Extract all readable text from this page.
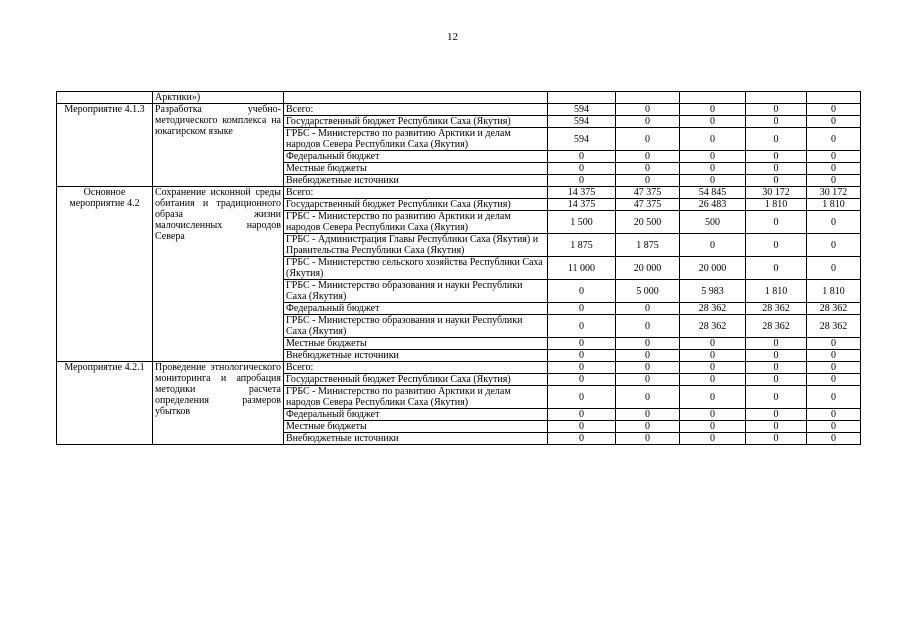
12
	Арктики»)						
Мероприятие 4.1.3	Разработка учебно-методического комплекса на юкагирском языке	Всего:	594	0	0	0	0
		Государственный бюджет Республики Саха (Якутия)	594	0	0	0	0
		ГРБС - Министерство по развитию Арктики и делам народов Севера Республики Саха (Якутия)	594	0	0	0	0
		Федеральный бюджет	0	0	0	0	0
		Местные бюджеты	0	0	0	0	0
		Внебюджетные источники	0	0	0	0	0
Основное мероприятие 4.2	Сохранение исконной среды обитания и традиционного образа жизни малочисленных народов Севера	Всего:	14 375	47 375	54 845	30 172	30 172
		Государственный бюджет Республики Саха (Якутия)	14 375	47 375	26 483	1 810	1 810
		ГРБС - Министерство по развитию Арктики и делам народов Севера Республики Саха (Якутия)	1 500	20 500	500	0	0
		ГРБС - Администрация Главы Республики Саха (Якутия) и Правительства Республики Саха (Якутия)	1 875	1 875	0	0	0
		ГРБС - Министерство сельского хозяйства Республики Саха (Якутия)	11 000	20 000	20 000	0	0
		ГРБС - Министерство образования и науки Республики Саха (Якутия)	0	5 000	5 983	1 810	1 810
		Федеральный бюджет	0	0	28 362	28 362	28 362
		ГРБС - Министерство образования и науки Республики Саха (Якутия)	0	0	28 362	28 362	28 362
		Местные бюджеты	0	0	0	0	0
		Внебюджетные источники	0	0	0	0	0
Мероприятие 4.2.1	Проведение этнологического мониторинга и апробация методики расчета определения размеров убытков	Всего:	0	0	0	0	0
		Государственный бюджет Республики Саха (Якутия)	0	0	0	0	0
		ГРБС - Министерство по развитию Арктики и делам народов Севера Республики Саха (Якутия)	0	0	0	0	0
		Федеральный бюджет	0	0	0	0	0
		Местные бюджеты	0	0	0	0	0
		Внебюджетные источники	0	0	0	0	0
